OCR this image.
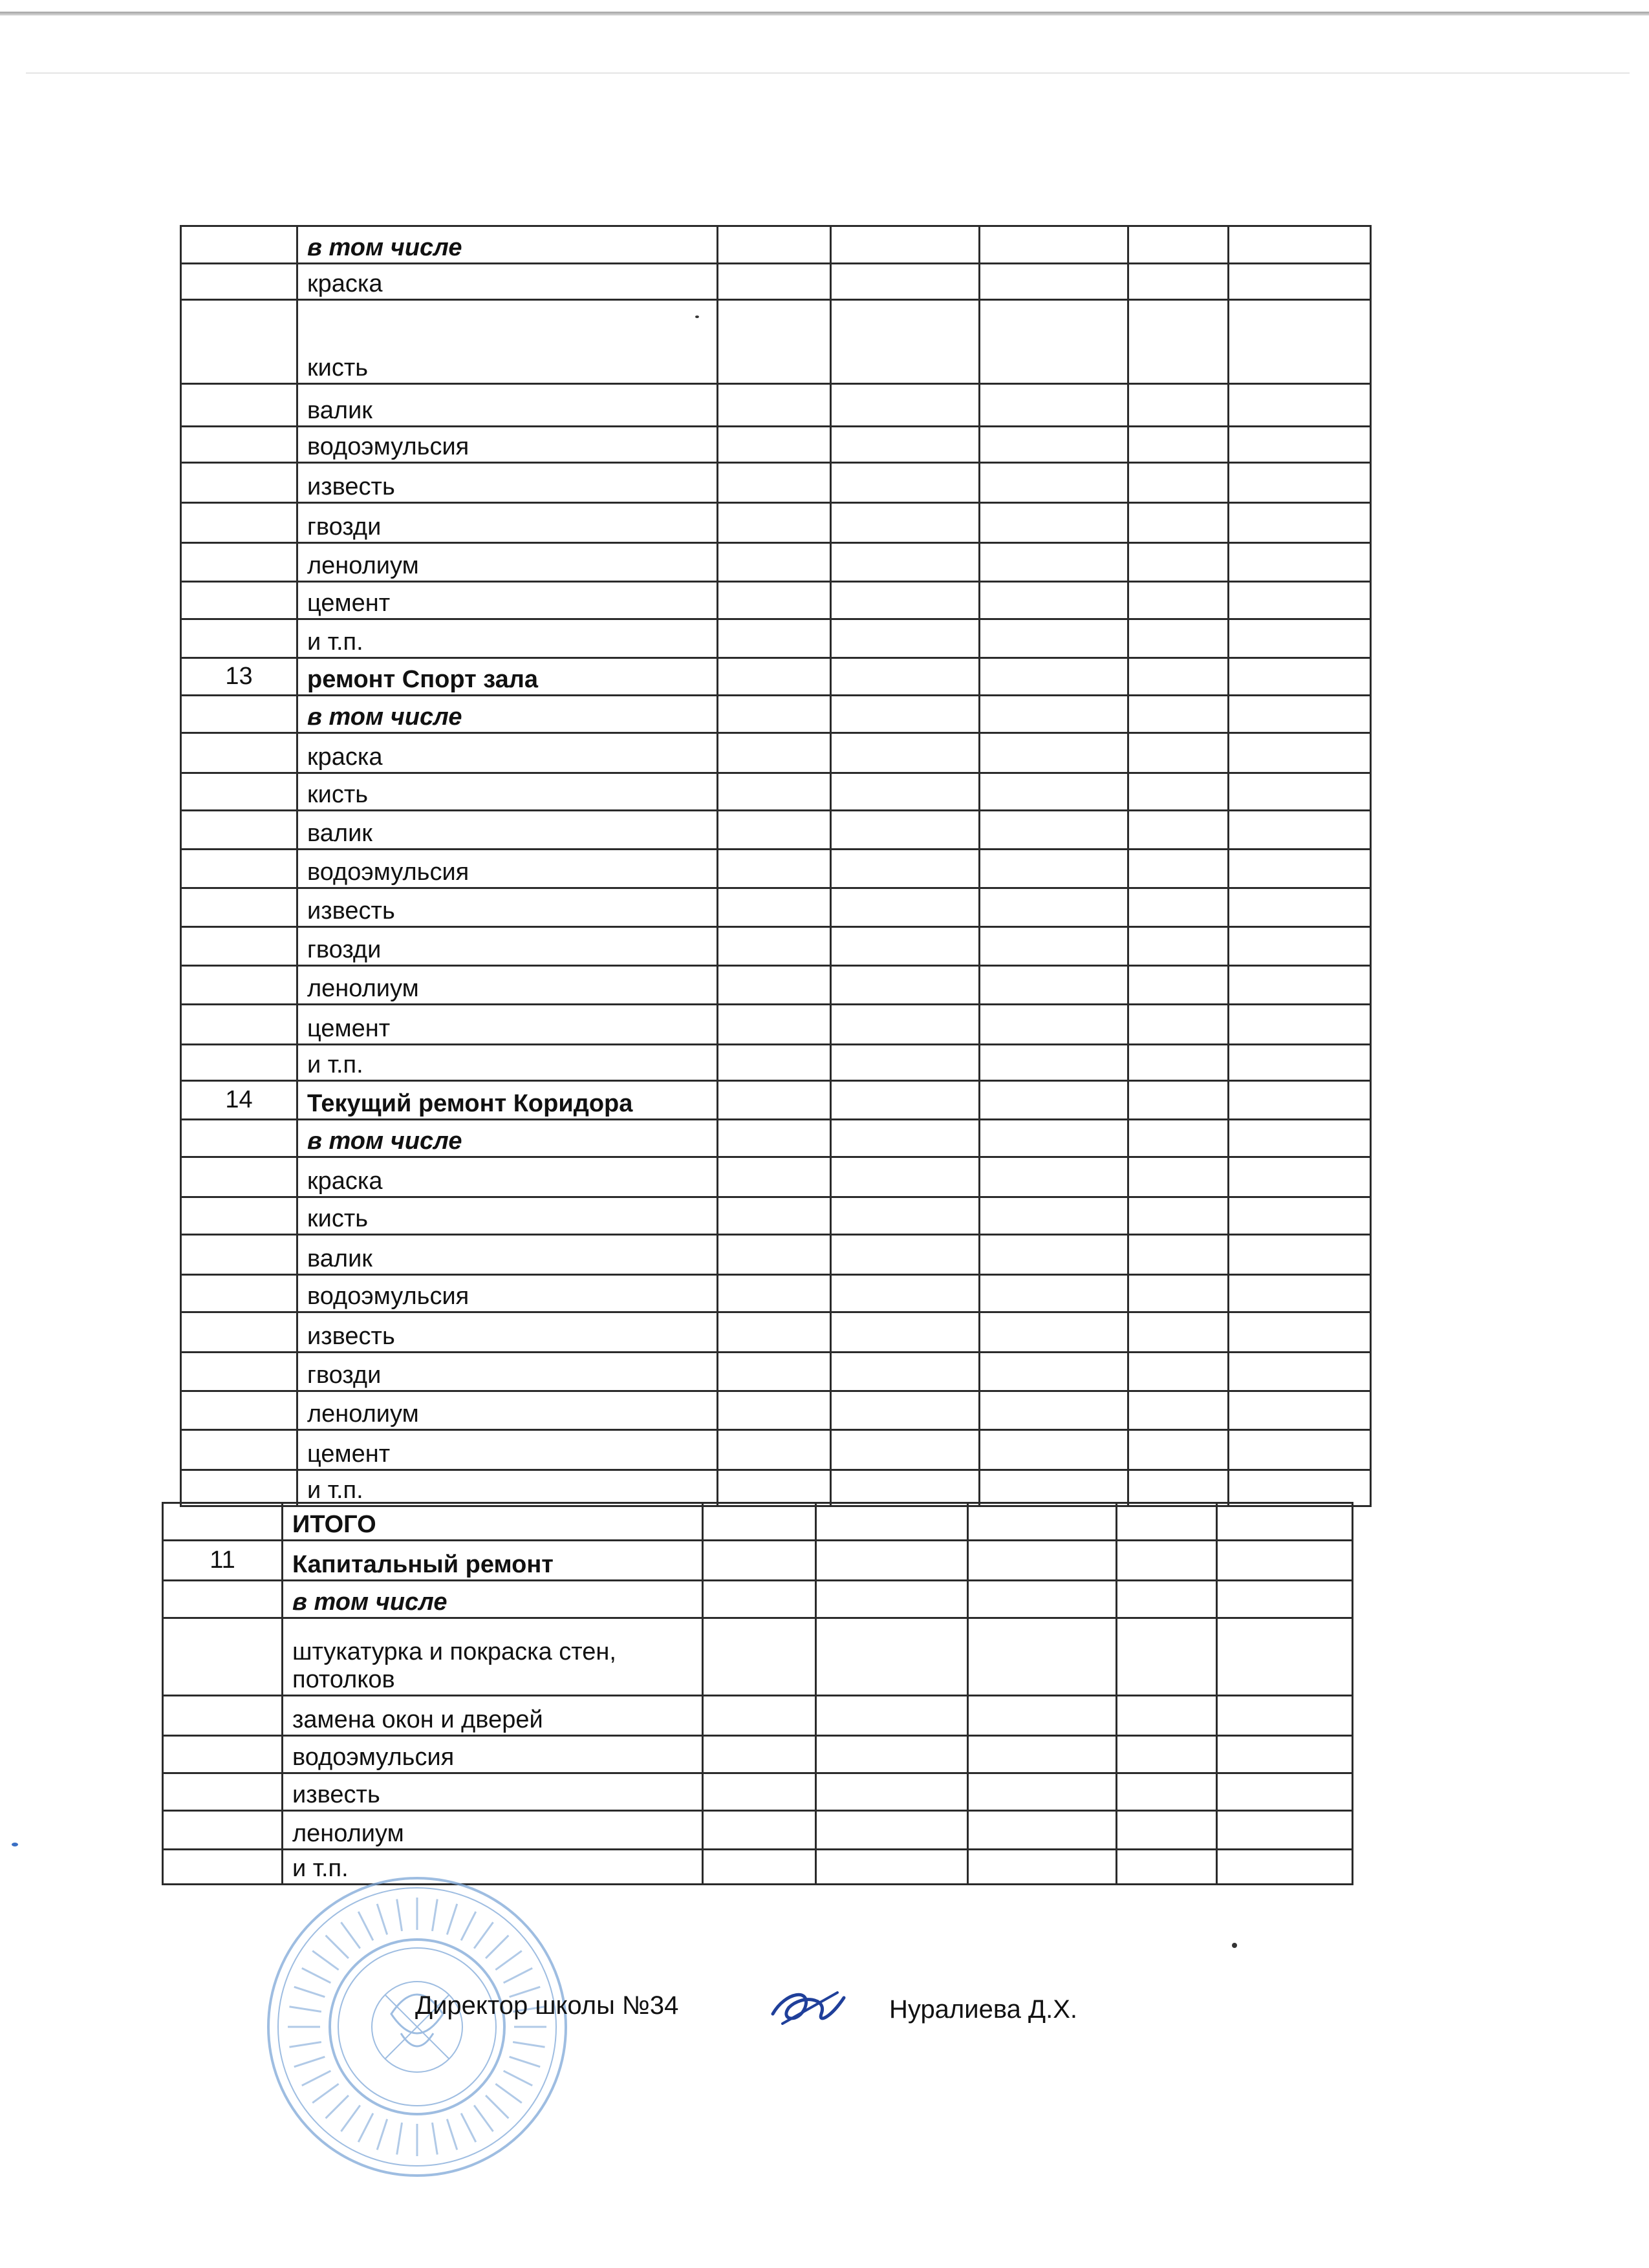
	в том числе					
	краска					
	кисть					
	валик					
	водоэмульсия					
	известь					
	гвозди					
	ленолиум					
	цемент					
	и т.п.					
13	ремонт Спорт зала					
	в том числе					
	краска					
	кисть					
	валик					
	водоэмульсия					
	известь					
	гвозди					
	ленолиум					
	цемент					
	и т.п.					
14	Текущий ремонт Коридора					
	в том числе					
	краска					
	кисть					
	валик					
	водоэмульсия					
	известь					
	гвозди					
	ленолиум					
	цемент					
	и т.п.					
	ИТОГО					
11	Капитальный ремонт					
	в том числе					
	штукатурка и покраска стен, потолков					
	замена окон и дверей					
	водоэмульсия					
	известь					
	ленолиум					
	и т.п.					
Директор школы №34	Нуралиева Д.Х.
